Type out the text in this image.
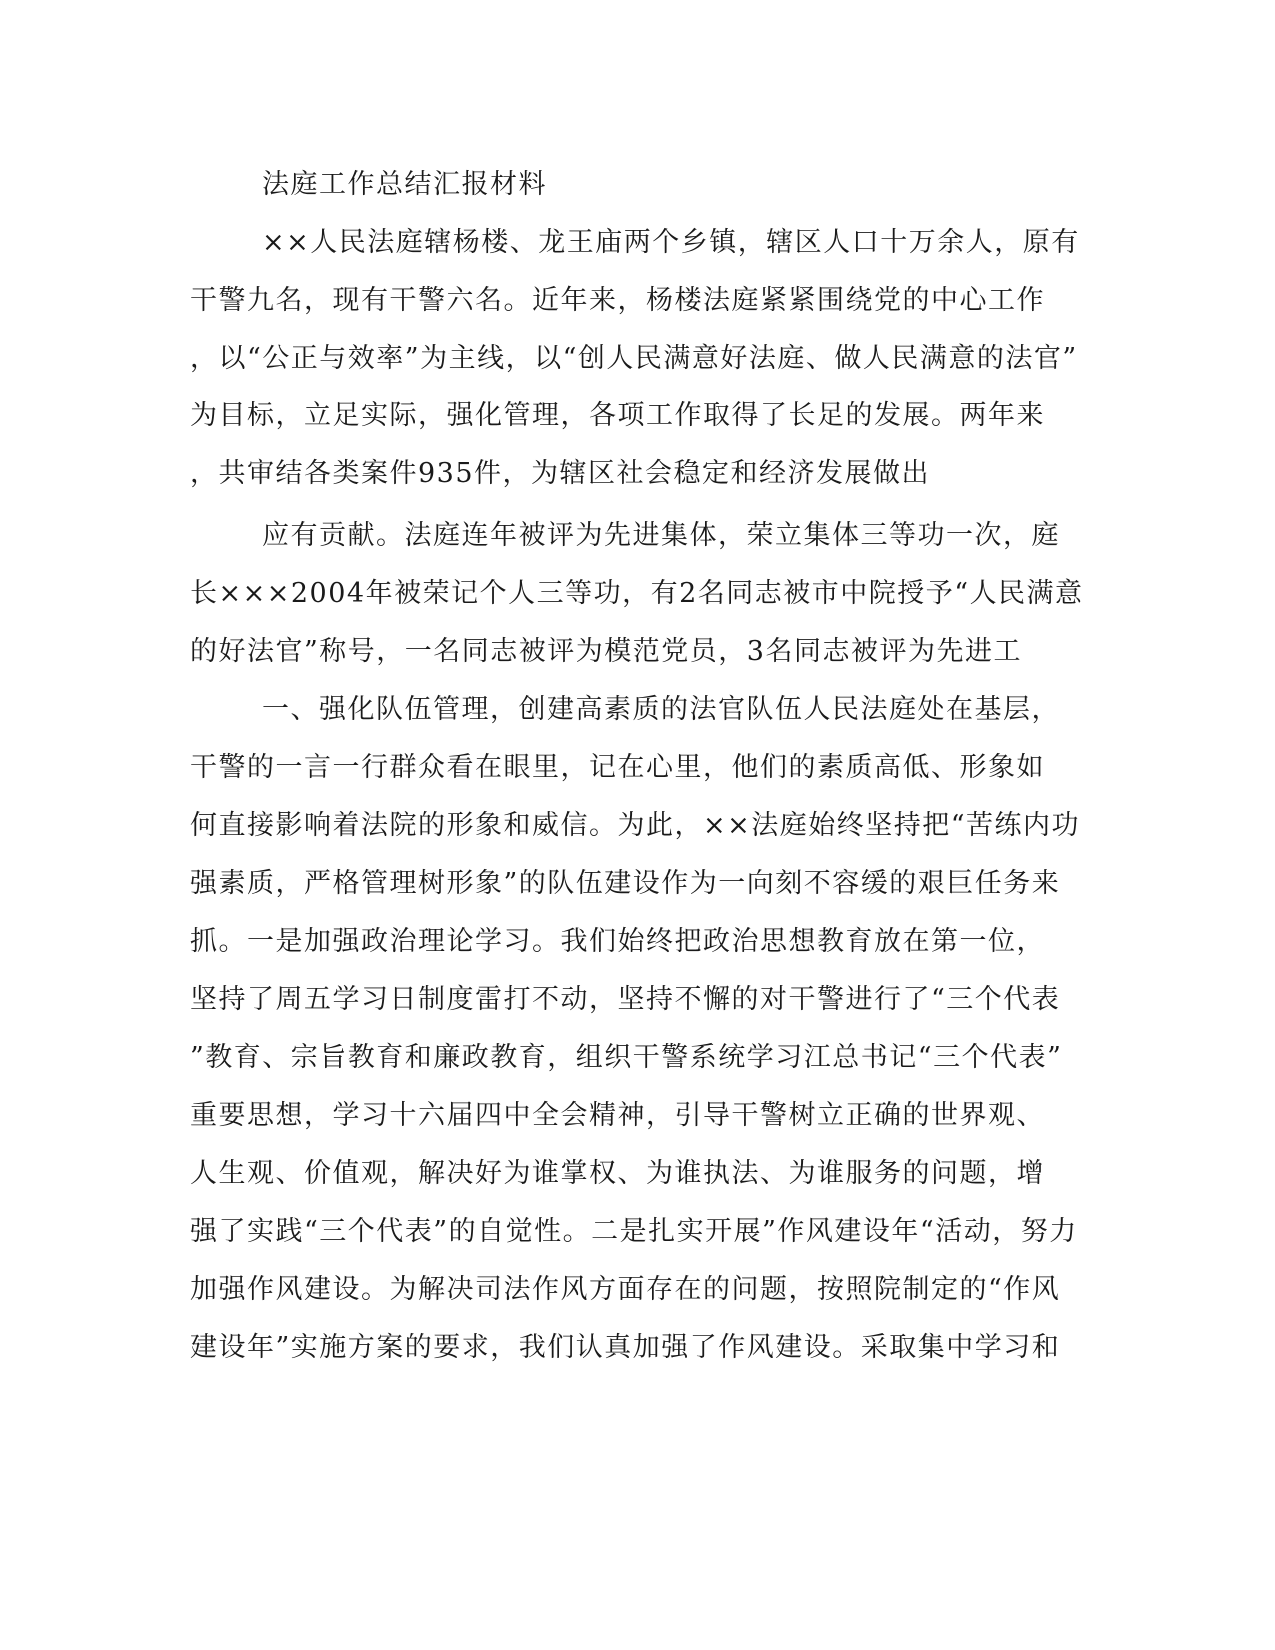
法庭工作总结汇报材料
××人民法庭辖杨楼、龙王庙两个乡镇，辖区人口十万余人，原有
干警九名，现有干警六名。近年来，杨楼法庭紧紧围绕党的中心工作
，以“公正与效率”为主线，以“创人民满意好法庭、做人民满意的法官”
为目标，立足实际，强化管理，各项工作取得了长足的发展。两年来
，共审结各类案件935件，为辖区社会稳定和经济发展做出
应有贡献。法庭连年被评为先进集体，荣立集体三等功一次，庭
长×××2004年被荣记个人三等功，有2名同志被市中院授予“人民满意
的好法官”称号，一名同志被评为模范党员，3名同志被评为先进工
一、强化队伍管理，创建高素质的法官队伍人民法庭处在基层，
干警的一言一行群众看在眼里，记在心里，他们的素质高低、形象如
何直接影响着法院的形象和威信。为此，××法庭始终坚持把“苦练内功
强素质，严格管理树形象”的队伍建设作为一向刻不容缓的艰巨任务来
抓。一是加强政治理论学习。我们始终把政治思想教育放在第一位，
坚持了周五学习日制度雷打不动，坚持不懈的对干警进行了“三个代表
”教育、宗旨教育和廉政教育，组织干警系统学习江总书记“三个代表”
重要思想，学习十六届四中全会精神，引导干警树立正确的世界观、
人生观、价值观，解决好为谁掌权、为谁执法、为谁服务的问题，增
强了实践“三个代表”的自觉性。二是扎实开展”作风建设年“活动，努力
加强作风建设。为解决司法作风方面存在的问题，按照院制定的“作风
建设年”实施方案的要求，我们认真加强了作风建设。采取集中学习和
